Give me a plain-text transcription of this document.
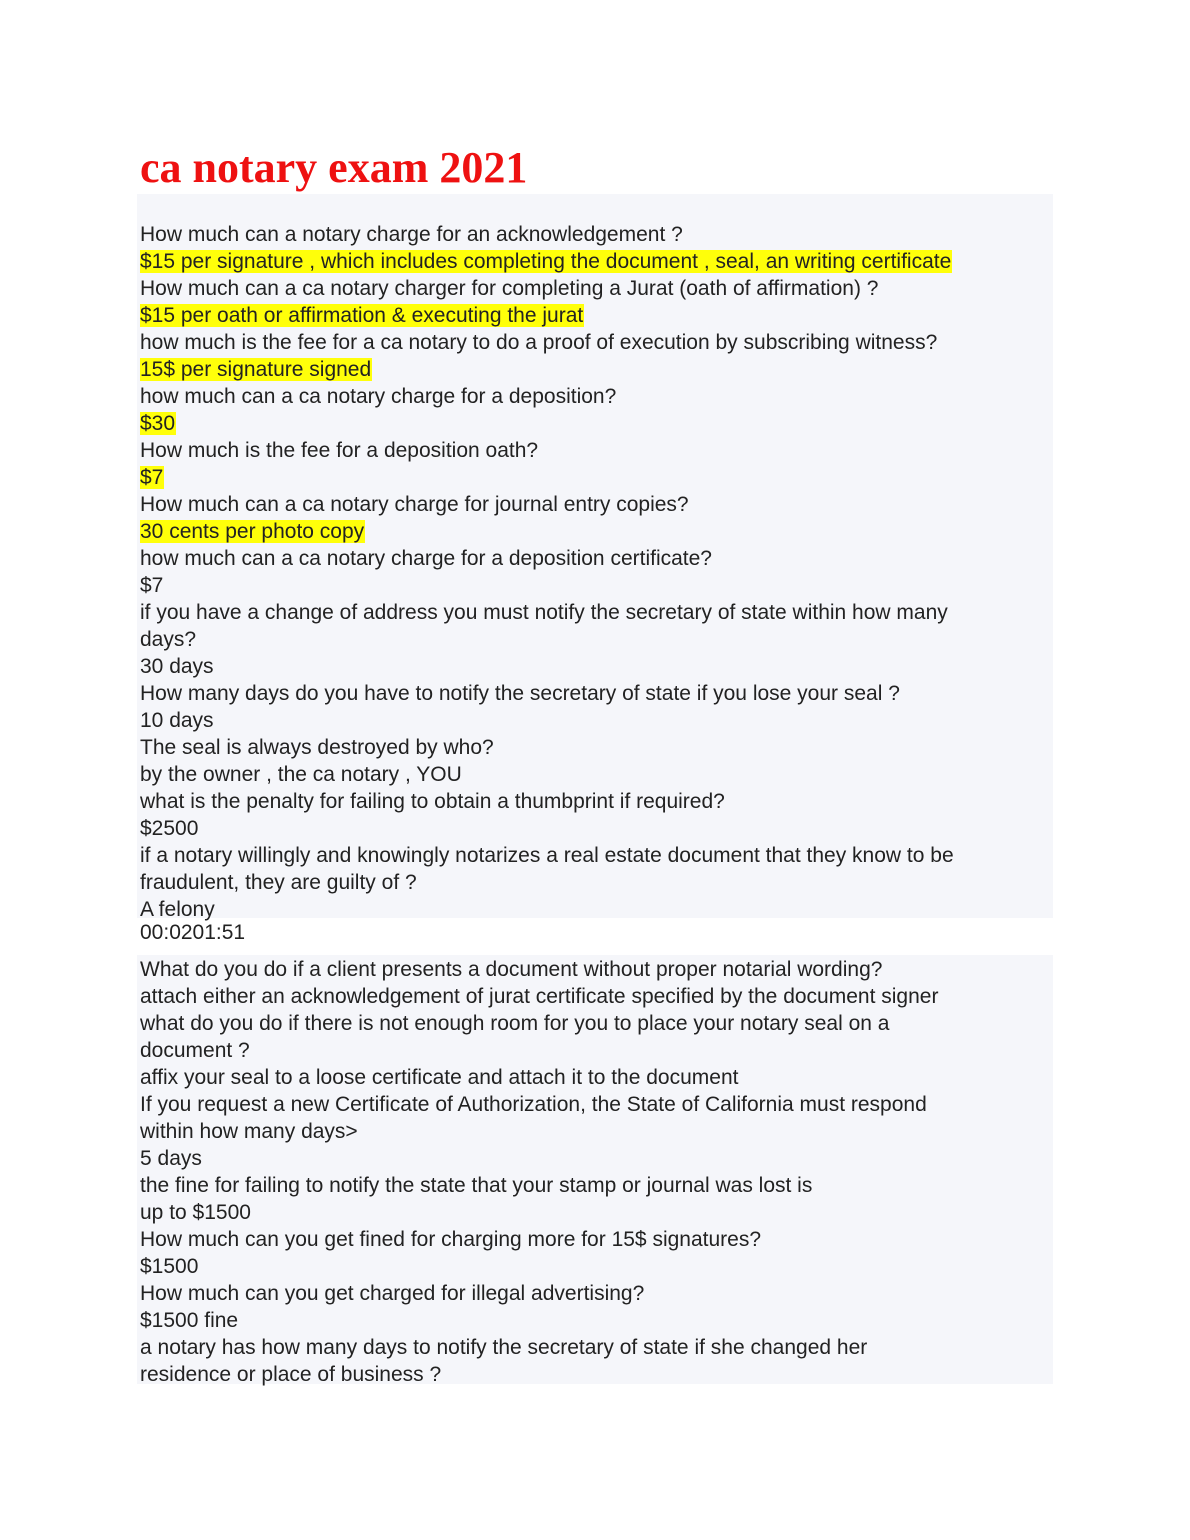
ca notary exam 2021
How much can a notary charge for an acknowledgement ?
$15 per signature , which includes completing the document , seal, an writing certificate
How much can a ca notary charger for completing a Jurat (oath of affirmation) ?
$15 per oath or affirmation & executing the jurat
how much is the fee for a ca notary to do a proof of execution by subscribing witness?
15$ per signature signed
how much can a ca notary charge for a deposition?
$30
How much is the fee for a deposition oath?
$7
How much can a ca notary charge for journal entry copies?
30 cents per photo copy
how much can a ca notary charge for a deposition certificate?
$7
if you have a change of address you must notify the secretary of state within how many
days?
30 days
How many days do you have to notify the secretary of state if you lose your seal ?
10 days
The seal is always destroyed by who?
by the owner , the ca notary , YOU
what is the penalty for failing to obtain a thumbprint if required?
$2500
if a notary willingly and knowingly notarizes a real estate document that they know to be
fraudulent, they are guilty of ?
A felony
00:0201:51
What do you do if a client presents a document without proper notarial wording?
attach either an acknowledgement of jurat certificate specified by the document signer
what do you do if there is not enough room for you to place your notary seal on a
document ?
affix your seal to a loose certificate and attach it to the document
If you request a new Certificate of Authorization, the State of California must respond
within how many days>
5 days
the fine for failing to notify the state that your stamp or journal was lost is
up to $1500
How much can you get fined for charging more for 15$ signatures?
$1500
How much can you get charged for illegal advertising?
$1500 fine
a notary has how many days to notify the secretary of state if she changed her
residence or place of business ?
